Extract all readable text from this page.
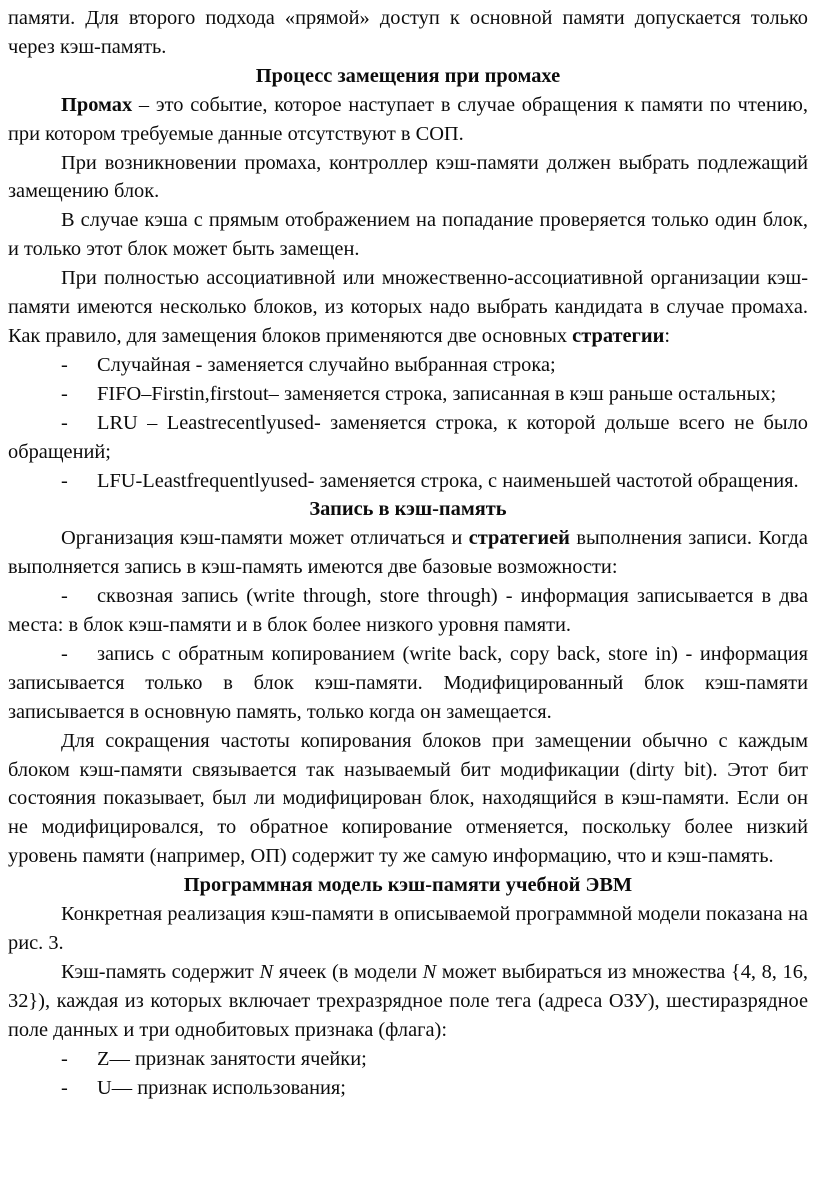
памяти. Для второго подхода «прямой» доступ к основной памяти допускается только через кэш-память.

Процесс замещения при промахе

Промах – это событие, которое наступает в случае обращения к памяти по чтению, при котором требуемые данные отсутствуют в СОП.

При возникновении промаха, контроллер кэш-памяти должен выбрать подлежащий замещению блок.

В случае кэша с прямым отображением на попадание проверяется только один блок, и только этот блок может быть замещен.

При полностью ассоциативной или множественно-ассоциативной организации кэш-памяти имеются несколько блоков, из которых надо выбрать кандидата в случае промаха. Как правило, для замещения блоков применяются две основных стратегии:

- Случайная - заменяется случайно выбранная строка;

- FIFO–Firstin,firstout– заменяется строка, записанная в кэш раньше остальных;

- LRU – Leastrecentlyused- заменяется строка, к которой дольше всего не было обращений;

- LFU-Leastfrequentlyused- заменяется строка, с наименьшей частотой обращения.

Запись в кэш-память

Организация кэш-памяти может отличаться и стратегией выполнения записи. Когда выполняется запись в кэш-память имеются две базовые возможности:

- сквозная запись (write through, store through) - информация записывается в два места: в блок кэш-памяти и в блок более низкого уровня памяти.

- запись с обратным копированием (write back, copy back, store in) - информация записывается только в блок кэш-памяти. Модифицированный блок кэш-памяти записывается в основную память, только когда он замещается.

Для сокращения частоты копирования блоков при замещении обычно с каждым блоком кэш-памяти связывается так называемый бит модификации (dirty bit). Этот бит состояния показывает, был ли модифицирован блок, находящийся в кэш-памяти. Если он не модифицировался, то обратное копирование отменяется, поскольку более низкий уровень памяти (например, ОП) содержит ту же самую информацию, что и кэш-память.

Программная модель кэш-памяти учебной ЭВМ

Конкретная реализация кэш-памяти в описываемой программной модели показана на рис. 3.

Кэш-память содержит N ячеек (в модели N может выбираться из множества {4, 8, 16, 32}), каждая из которых включает трехразрядное поле тега (адреса ОЗУ), шестиразрядное поле данных и три однобитовых признака (флага):

- Z— признак занятости ячейки;

- U— признак использования;
